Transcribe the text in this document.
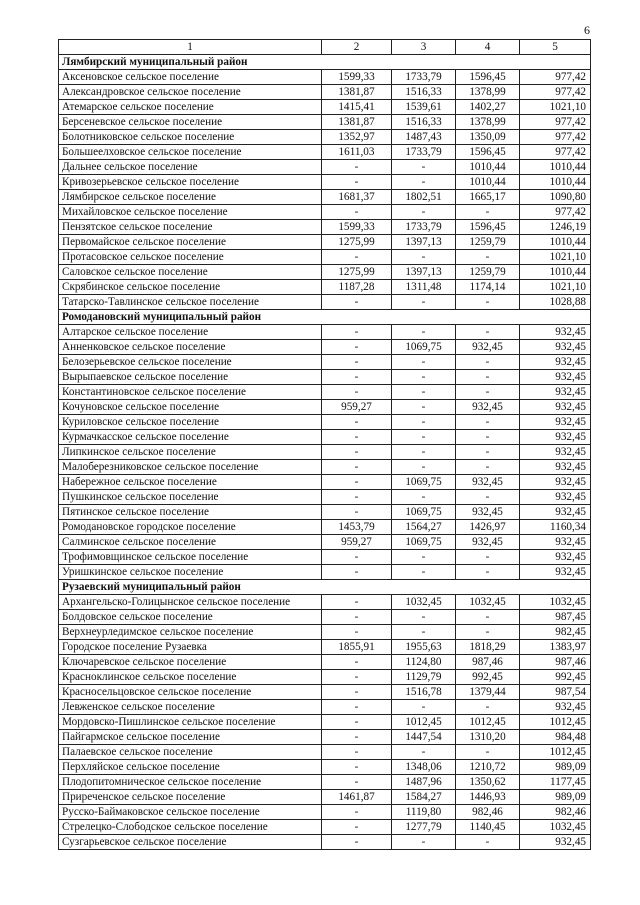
6
1	2	3	4	5
Лямбирский муниципальный район				
Аксеновское сельское поселение	1599,33	1733,79	1596,45	977,42
Александровское сельское поселение	1381,87	1516,33	1378,99	977,42
Атемарское сельское поселение	1415,41	1539,61	1402,27	1021,10
Берсеневское сельское поселение	1381,87	1516,33	1378,99	977,42
Болотниковское сельское поселение	1352,97	1487,43	1350,09	977,42
Большеелховское сельское поселение	1611,03	1733,79	1596,45	977,42
Дальнее сельское поселение	-	-	1010,44	1010,44
Кривозерьевское сельское поселение	-	-	1010,44	1010,44
Лямбирское сельское поселение	1681,37	1802,51	1665,17	1090,80
Михайловское сельское поселение	-	-	-	977,42
Пензятское сельское поселение	1599,33	1733,79	1596,45	1246,19
Первомайское сельское поселение	1275,99	1397,13	1259,79	1010,44
Протасовское сельское поселение	-	-	-	1021,10
Саловское сельское поселение	1275,99	1397,13	1259,79	1010,44
Скрябинское сельское поселение	1187,28	1311,48	1174,14	1021,10
Татарско-Тавлинское сельское поселение	-	-	-	1028,88
Ромодановский муниципальный район				
Алтарское сельское поселение	-	-	-	932,45
Анненковское сельское поселение	-	1069,75	932,45	932,45
Белозерьевское сельское поселение	-	-	-	932,45
Вырыпаевское сельское поселение	-	-	-	932,45
Константиновское сельское поселение	-	-	-	932,45
Кочуновское сельское поселение	959,27	-	932,45	932,45
Куриловское сельское поселение	-	-	-	932,45
Курмачкасское сельское поселение	-	-	-	932,45
Липкинское сельское поселение	-	-	-	932,45
Малоберезниковское сельское поселение	-	-	-	932,45
Набережное сельское поселение	-	1069,75	932,45	932,45
Пушкинское сельское поселение	-	-	-	932,45
Пятинское сельское поселение	-	1069,75	932,45	932,45
Ромодановское городское поселение	1453,79	1564,27	1426,97	1160,34
Салминское сельское поселение	959,27	1069,75	932,45	932,45
Трофимовщинское сельское поселение	-	-	-	932,45
Уришкинское сельское поселение	-	-	-	932,45
Рузаевский муниципальный район				
Архангельско-Голицынское сельское поселение	-	1032,45	1032,45	1032,45
Болдовское сельское поселение	-	-	-	987,45
Верхнеурледимское сельское поселение	-	-	-	982,45
Городское поселение Рузаевка	1855,91	1955,63	1818,29	1383,97
Ключаревское сельское поселение	-	1124,80	987,46	987,46
Красноклинское сельское поселение	-	1129,79	992,45	992,45
Красносельцовское сельское поселение	-	1516,78	1379,44	987,54
Левженское сельское поселение	-	-	-	932,45
Мордовско-Пишлинское сельское поселение	-	1012,45	1012,45	1012,45
Пайгармское сельское поселение	-	1447,54	1310,20	984,48
Палаевское сельское поселение	-	-	-	1012,45
Перхляйское сельское поселение	-	1348,06	1210,72	989,09
Плодопитомническое сельское поселение	-	1487,96	1350,62	1177,45
Приреченское сельское поселение	1461,87	1584,27	1446,93	989,09
Русско-Баймаковское сельское поселение	-	1119,80	982,46	982,46
Стрелецко-Слободское сельское поселение	-	1277,79	1140,45	1032,45
Сузгарьевское сельское поселение	-	-	-	932,45
